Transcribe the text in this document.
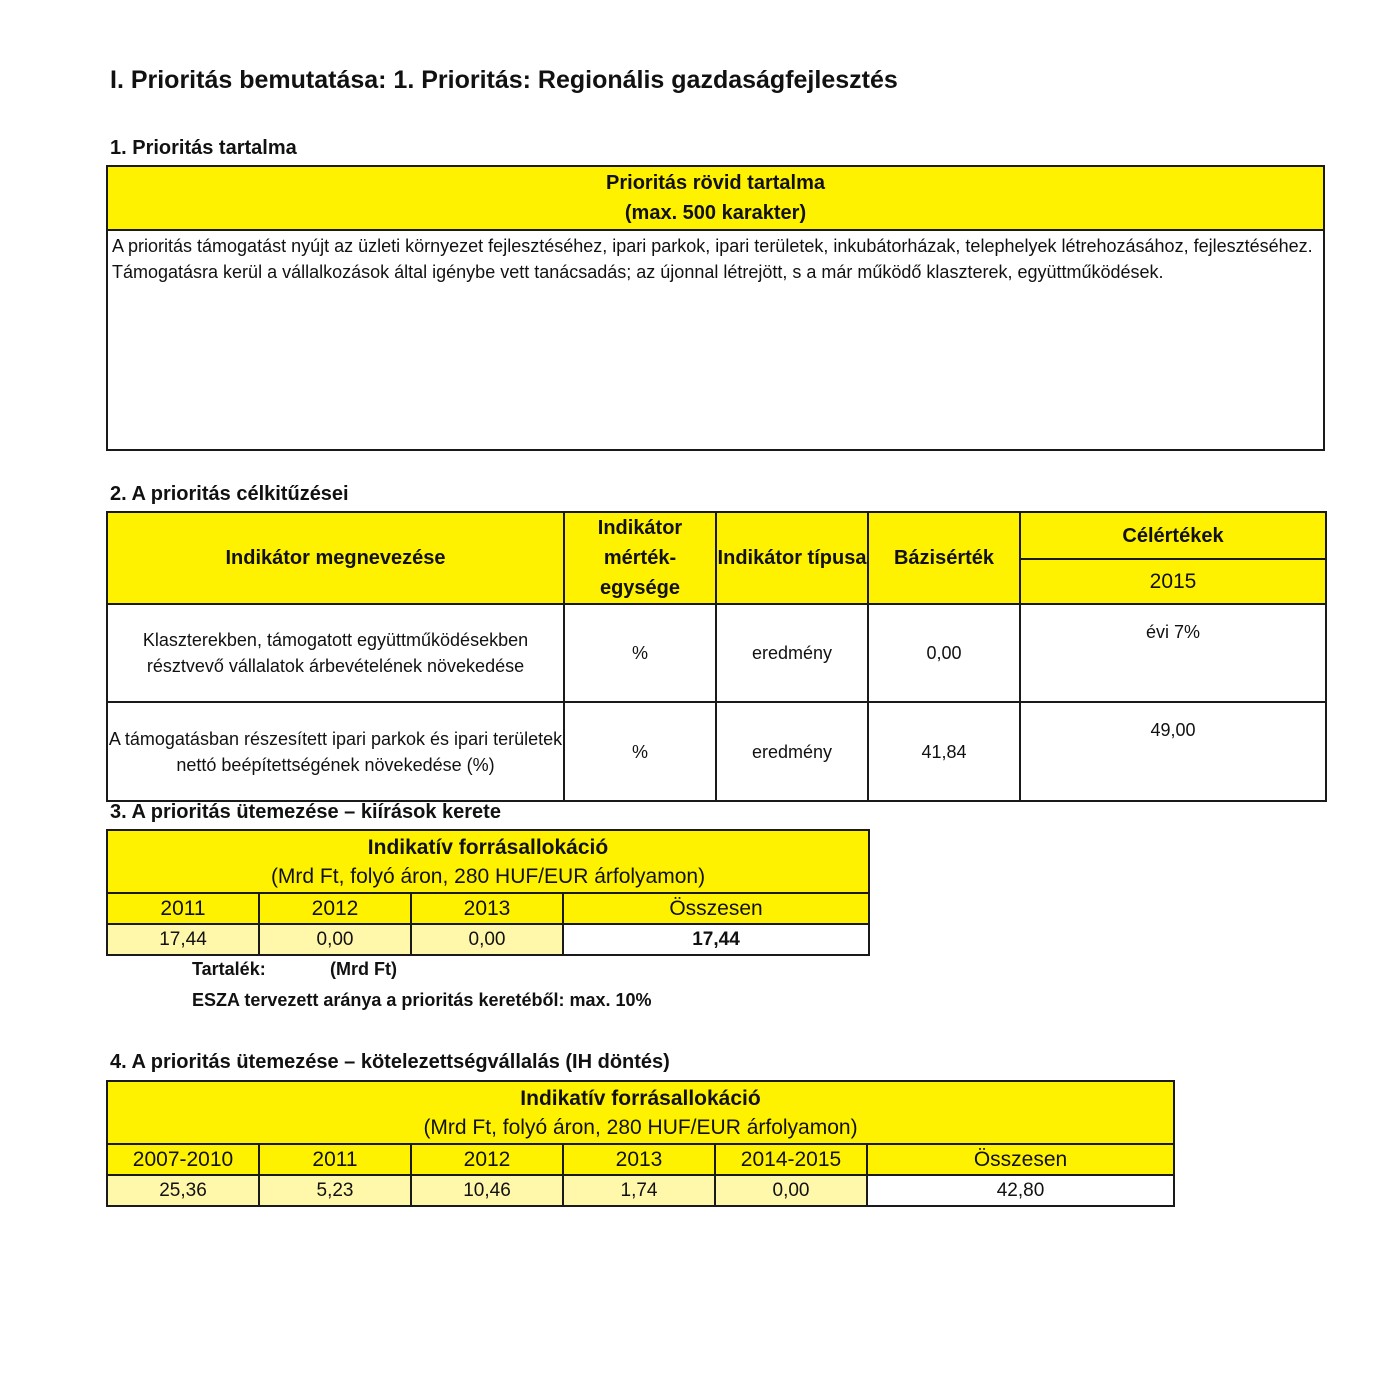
I. Prioritás bemutatása: 1. Prioritás: Regionális gazdaságfejlesztés
1. Prioritás tartalma
Prioritás rövid tartalma
(max. 500 karakter)

A prioritás támogatást nyújt az üzleti környezet fejlesztéséhez, ipari parkok, ipari területek, inkubátorházak, telephelyek létrehozásához, fejlesztéséhez. Támogatásra kerül a vállalkozások által igénybe vett tanácsadás; az újonnal létrejött, s a már működő klaszterek, együttműködések.
2. A prioritás célkitűzései
Indikátor megnevezése	Indikátor mérték-egysége	Indikátor típusa	Bázisérték	Célértékek
				2015
Klaszterekben, támogatott együttműködésekben résztvevő vállalatok árbevételének növekedése	%	eredmény	0,00	évi 7%
A támogatásban részesített ipari parkok és ipari területek nettó beépítettségének növekedése (%)	%	eredmény	41,84	49,00
3. A prioritás ütemezése – kiírások kerete
Indikatív forrásallokáció
(Mrd Ft, folyó áron, 280 HUF/EUR árfolyamon)			

2011	2012	2013	Összesen
17,44	0,00	0,00	17,44
Tartalék:	(Mrd Ft)
ESZA tervezett aránya a prioritás keretéből: max. 10%
4. A prioritás ütemezése – kötelezettségvállalás (IH döntés)
Indikatív forrásallokáció
(Mrd Ft, folyó áron, 280 HUF/EUR árfolyamon)					

2007-2010	2011	2012	2013	2014-2015	Összesen
25,36	5,23	10,46	1,74	0,00	42,80
